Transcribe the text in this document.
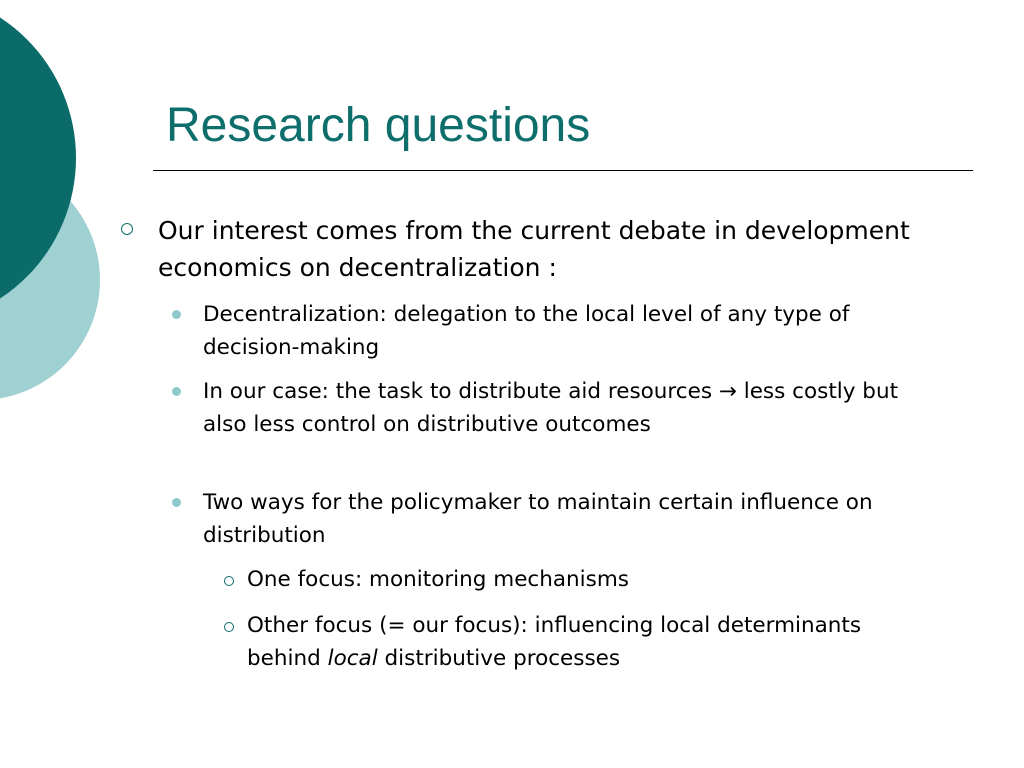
Research questions
Our interest comes from the current debate in development economics on decentralization :
Decentralization: delegation to the local level of any type of decision-making
In our case: the task to distribute aid resources → less costly but also less control on distributive outcomes
Two ways for the policymaker to maintain certain influence on distribution
One focus: monitoring mechanisms
Other focus (= our focus): influencing local determinants behind local distributive processes
